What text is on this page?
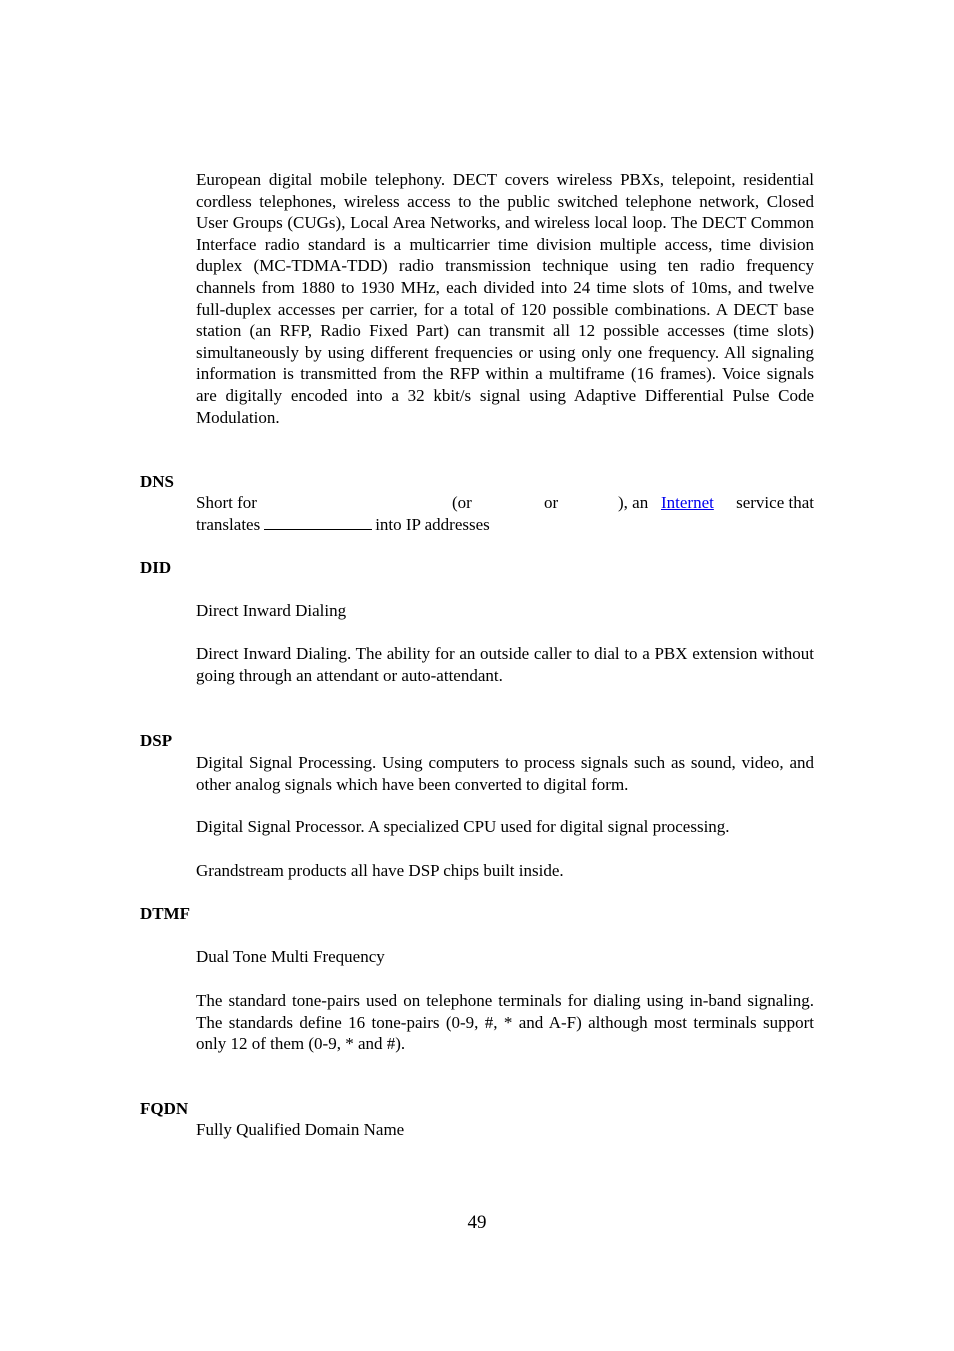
European digital mobile telephony. DECT covers wireless PBXs, telepoint, residential cordless telephones, wireless access to the public switched telephone network, Closed User Groups (CUGs), Local Area Networks, and wireless local loop. The DECT Common Interface radio standard is a multicarrier time division multiple access, time division duplex (MC-TDMA-TDD) radio transmission technique using ten radio frequency channels from 1880 to 1930 MHz, each divided into 24 time slots of 10ms, and twelve full-duplex accesses per carrier, for a total of 120 possible combinations. A DECT base station (an RFP, Radio Fixed Part) can transmit all 12 possible accesses (time slots) simultaneously by using different frequencies or using only one frequency. All signaling information is transmitted from the RFP within a multiframe (16 frames). Voice signals are digitally encoded into a 32 kbit/s signal using Adaptive Differential Pulse Code Modulation.

DNS

Short for	(or	or	), an Internet service that
translates	into IP addresses

DID

Direct Inward Dialing

Direct Inward Dialing. The ability for an outside caller to dial to a PBX extension without going through an attendant or auto-attendant.

DSP

Digital Signal Processing. Using computers to process signals such as sound, video, and other analog signals which have been converted to digital form.

Digital Signal Processor. A specialized CPU used for digital signal processing.

Grandstream products all have DSP chips built inside.

DTMF

Dual Tone Multi Frequency

The standard tone-pairs used on telephone terminals for dialing using in-band signaling. The standards define 16 tone-pairs (0-9, #, * and A-F) although most terminals support only 12 of them (0-9, * and #).

FQDN

Fully Qualified Domain Name

49
